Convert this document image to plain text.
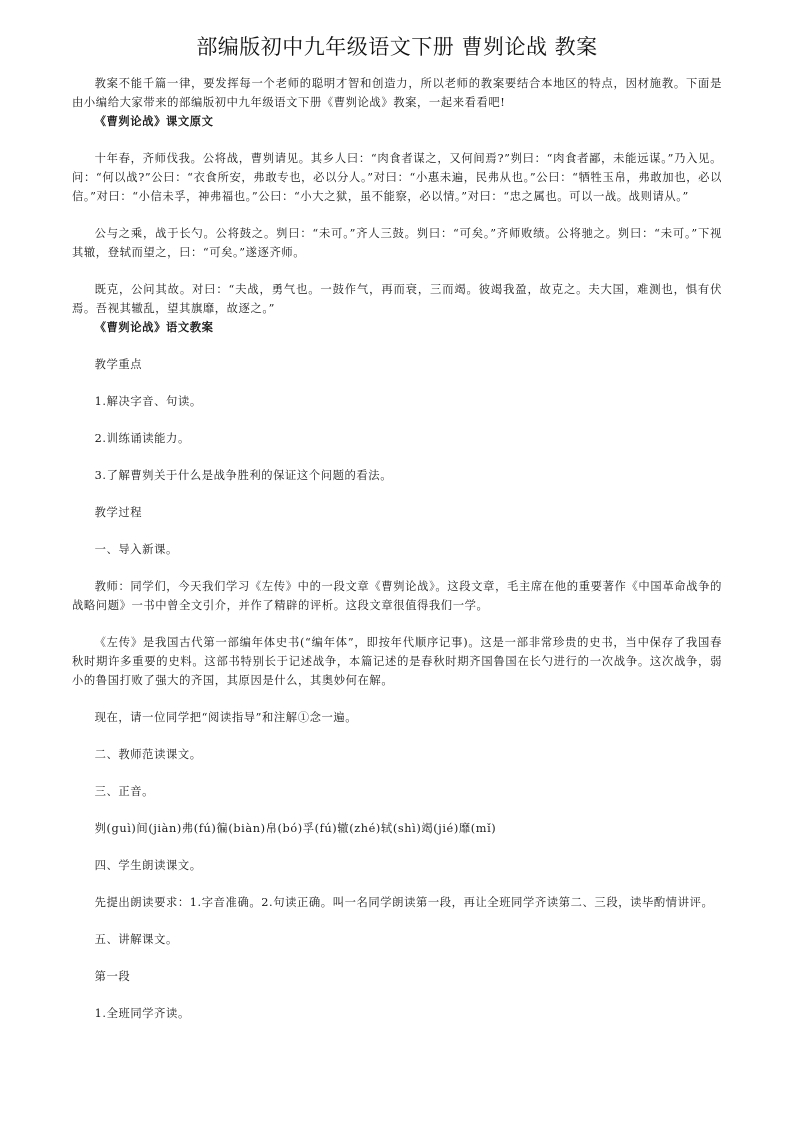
部编版初中九年级语文下册 曹刿论战 教案

教案不能千篇一律，要发挥每一个老师的聪明才智和创造力，所以老师的教案要结合本地区的特点，因材施教。下面是由小编给大家带来的部编版初中九年级语文下册《曹刿论战》教案，一起来看看吧!

《曹刿论战》课文原文

十年春，齐师伐我。公将战，曹刿请见。其乡人曰：“肉食者谋之，又何间焉?”刿曰：“肉食者鄙，未能远谋。”乃入见。问：“何以战?”公曰：“衣食所安，弗敢专也，必以分人。”对曰：“小惠未遍，民弗从也。”公曰：“牺牲玉帛，弗敢加也，必以信。”对曰：“小信未孚，神弗福也。”公曰：“小大之狱，虽不能察，必以情。”对曰：“忠之属也。可以一战。战则请从。”

公与之乘，战于长勺。公将鼓之。刿曰：“未可。”齐人三鼓。刿曰：“可矣。”齐师败绩。公将驰之。刿曰：“未可。”下视其辙，登轼而望之，曰：“可矣。”遂逐齐师。

既克，公问其故。对曰：“夫战，勇气也。一鼓作气，再而衰，三而竭。彼竭我盈，故克之。夫大国，难测也，惧有伏焉。吾视其辙乱，望其旗靡，故逐之。”

《曹刿论战》语文教案

教学重点

1.解决字音、句读。

2.训练诵读能力。

3.了解曹刿关于什么是战争胜利的保证这个问题的看法。

教学过程

一、导入新课。

教师：同学们，今天我们学习《左传》中的一段文章《曹刿论战》。这段文章，毛主席在他的重要著作《中国革命战争的战略问题》一书中曾全文引介，并作了精辟的评析。这段文章很值得我们一学。

《左传》是我国古代第一部编年体史书(“编年体”，即按年代顺序记事)。这是一部非常珍贵的史书，当中保存了我国春秋时期许多重要的史料。这部书特别长于记述战争，本篇记述的是春秋时期齐国鲁国在长勺进行的一次战争。这次战争，弱小的鲁国打败了强大的齐国，其原因是什么，其奥妙何在解。

现在，请一位同学把“阅读指导”和注解①念一遍。

二、教师范读课文。

三、正音。

刿(guì)间(jiàn)弗(fú)徧(biàn)帛(bó)孚(fú)辙(zhé)轼(shì)竭(jié)靡(mǐ)

四、学生朗读课文。

先提出朗读要求：1.字音准确。2.句读正确。叫一名同学朗读第一段，再让全班同学齐读第二、三段，读毕酌情讲评。

五、讲解课文。

第一段

1.全班同学齐读。
